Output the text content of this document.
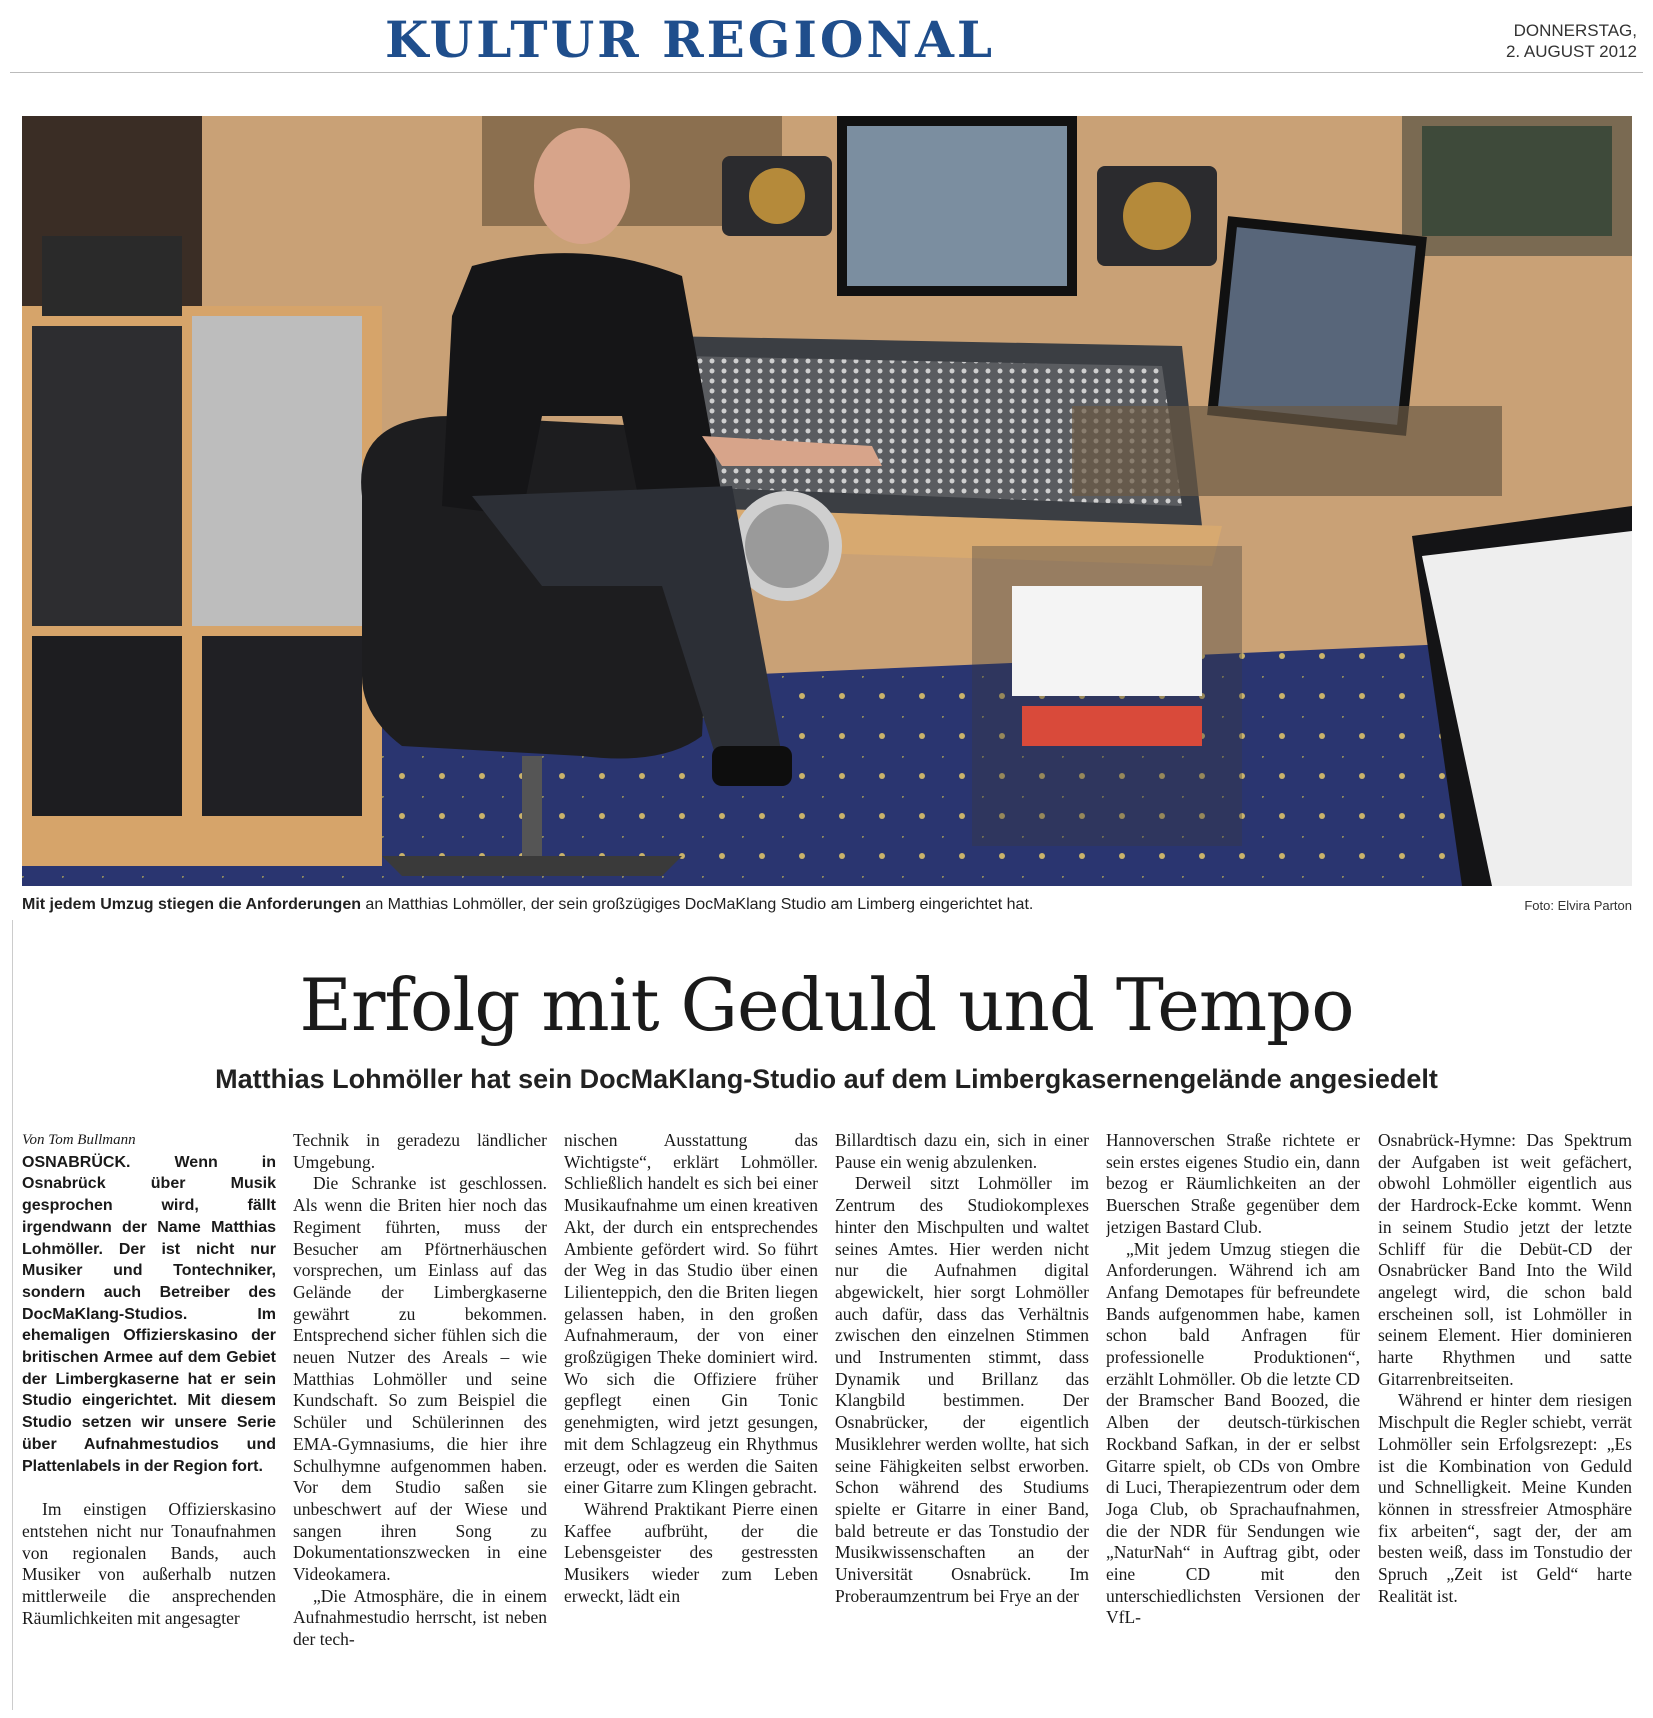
KULTUR REGIONAL	DONNERSTAG,
2. AUGUST 2012
Mit jedem Umzug stiegen die Anforderungen an Matthias Lohmöller, der sein großzügiges DocMaKlang Studio am Limberg eingerichtet hat.	Foto: Elvira Parton
Erfolg mit Geduld und Tempo
Matthias Lohmöller hat sein DocMaKlang-Studio auf dem Limbergkasernengelände angesiedelt

Von Tom Bullmann

OSNABRÜCK. Wenn in Osnabrück über Musik gesprochen wird, fällt irgendwann der Name Matthias Lohmöller. Der ist nicht nur Musiker und Tontechniker, sondern auch Betreiber des DocMaKlang-Studios. Im ehemaligen Offizierskasino der britischen Armee auf dem Gebiet der Limbergkaserne hat er sein Studio eingerichtet. Mit diesem Studio setzen wir unsere Serie über Aufnahmestudios und Plattenlabels in der Region fort.

Im einstigen Offizierskasino entstehen nicht nur Tonaufnahmen von regionalen Bands, auch Musiker von außerhalb nutzen mittlerweile die ansprechenden Räumlichkeiten mit angesagter

Technik in geradezu ländlicher Umgebung.

Die Schranke ist geschlossen. Als wenn die Briten hier noch das Regiment führten, muss der Besucher am Pförtnerhäuschen vorsprechen, um Einlass auf das Gelände der Limbergkaserne gewährt zu bekommen. Entsprechend sicher fühlen sich die neuen Nutzer des Areals – wie Matthias Lohmöller und seine Kundschaft. So zum Beispiel die Schüler und Schülerinnen des EMA-Gymnasiums, die hier ihre Schulhymne aufgenommen haben. Vor dem Studio saßen sie unbeschwert auf der Wiese und sangen ihren Song zu Dokumentationszwecken in eine Videokamera.

„Die Atmosphäre, die in einem Aufnahmestudio herrscht, ist neben der tech-

nischen Ausstattung das Wichtigste“, erklärt Lohmöller. Schließlich handelt es sich bei einer Musikaufnahme um einen kreativen Akt, der durch ein entsprechendes Ambiente gefördert wird. So führt der Weg in das Studio über einen Lilienteppich, den die Briten liegen gelassen haben, in den großen Aufnahmeraum, der von einer großzügigen Theke dominiert wird. Wo sich die Offiziere früher gepflegt einen Gin Tonic genehmigten, wird jetzt gesungen, mit dem Schlagzeug ein Rhythmus erzeugt, oder es werden die Saiten einer Gitarre zum Klingen gebracht.

Während Praktikant Pierre einen Kaffee aufbrüht, der die Lebensgeister des gestressten Musikers wieder zum Leben erweckt, lädt ein

Billardtisch dazu ein, sich in einer Pause ein wenig abzulenken.

Derweil sitzt Lohmöller im Zentrum des Studiokomplexes hinter den Mischpulten und waltet seines Amtes. Hier werden nicht nur die Aufnahmen digital abgewickelt, hier sorgt Lohmöller auch dafür, dass das Verhältnis zwischen den einzelnen Stimmen und Instrumenten stimmt, dass Dynamik und Brillanz das Klangbild bestimmen. Der Osnabrücker, der eigentlich Musiklehrer werden wollte, hat sich seine Fähigkeiten selbst erworben. Schon während des Studiums spielte er Gitarre in einer Band, bald betreute er das Tonstudio der Musikwissenschaften an der Universität Osnabrück. Im Proberaumzentrum bei Frye an der

Hannoverschen Straße richtete er sein erstes eigenes Studio ein, dann bezog er Räumlichkeiten an der Buerschen Straße gegenüber dem jetzigen Bastard Club.

„Mit jedem Umzug stiegen die Anforderungen. Während ich am Anfang Demotapes für befreundete Bands aufgenommen habe, kamen schon bald Anfragen für professionelle Produktionen“, erzählt Lohmöller. Ob die letzte CD der Bramscher Band Boozed, die Alben der deutsch-türkischen Rockband Safkan, in der er selbst Gitarre spielt, ob CDs von Ombre di Luci, Therapiezentrum oder dem Joga Club, ob Sprachaufnahmen, die der NDR für Sendungen wie „NaturNah“ in Auftrag gibt, oder eine CD mit den unterschiedlichsten Versionen der VfL-

Osnabrück-Hymne: Das Spektrum der Aufgaben ist weit gefächert, obwohl Lohmöller eigentlich aus der Hardrock-Ecke kommt. Wenn in seinem Studio jetzt der letzte Schliff für die Debüt-CD der Osnabrücker Band Into the Wild angelegt wird, die schon bald erscheinen soll, ist Lohmöller in seinem Element. Hier dominieren harte Rhythmen und satte Gitarrenbreitseiten.

Während er hinter dem riesigen Mischpult die Regler schiebt, verrät Lohmöller sein Erfolgsrezept: „Es ist die Kombination von Geduld und Schnelligkeit. Meine Kunden können in stressfreier Atmosphäre fix arbeiten“, sagt der, der am besten weiß, dass im Tonstudio der Spruch „Zeit ist Geld“ harte Realität ist.
